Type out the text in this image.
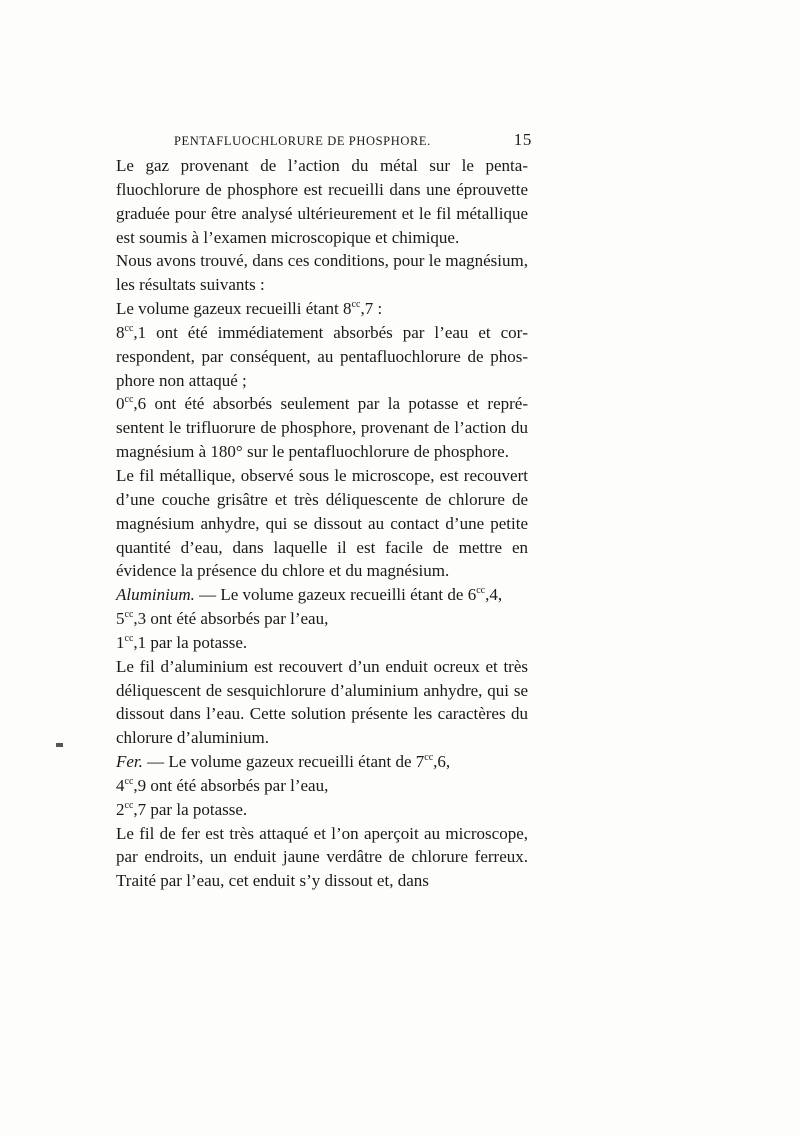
PENTAFLUOCHLORURE DE PHOSPHORE.	15

Le gaz provenant de l’action du métal sur le pentafluochlorure de phosphore est recueilli dans une éprouvette graduée pour être analysé ultérieurement et le fil métallique est soumis à l’examen microscopique et chimique.

Nous avons trouvé, dans ces conditions, pour le magnésium, les résultats suivants :

Le volume gazeux recueilli étant $8^{cc},7$ :

$8^{cc},1$ ont été immédiatement absorbés par l’eau et correspondent, par conséquent, au pentafluochlorure de phosphore non attaqué ;

$0^{cc},6$ ont été absorbés seulement par la potasse et représentent le trifluorure de phosphore, provenant de l’action du magnésium à 180° sur le pentafluochlorure de phosphore.

Le fil métallique, observé sous le microscope, est recouvert d’une couche grisâtre et très déliquescente de chlorure de magnésium anhydre, qui se dissout au contact d’une petite quantité d’eau, dans laquelle il est facile de mettre en évidence la présence du chlore et du magnésium.

Aluminium. — Le volume gazeux recueilli étant de $6^{cc},4$,

$5^{cc},3$ ont été absorbés par l’eau,

$1^{cc},1$ par la potasse.

Le fil d’aluminium est recouvert d’un enduit ocreux et très déliquescent de sesquichlorure d’aluminium anhydre, qui se dissout dans l’eau. Cette solution présente les caractères du chlorure d’aluminium.

Fer. — Le volume gazeux recueilli étant de $7^{cc},6$,

$4^{cc},9$ ont été absorbés par l’eau,

$2^{cc},7$ par la potasse.

Le fil de fer est très attaqué et l’on aperçoit au microscope, par endroits, un enduit jaune verdâtre de chlorure ferreux. Traité par l’eau, cet enduit s’y dissout et, dans
